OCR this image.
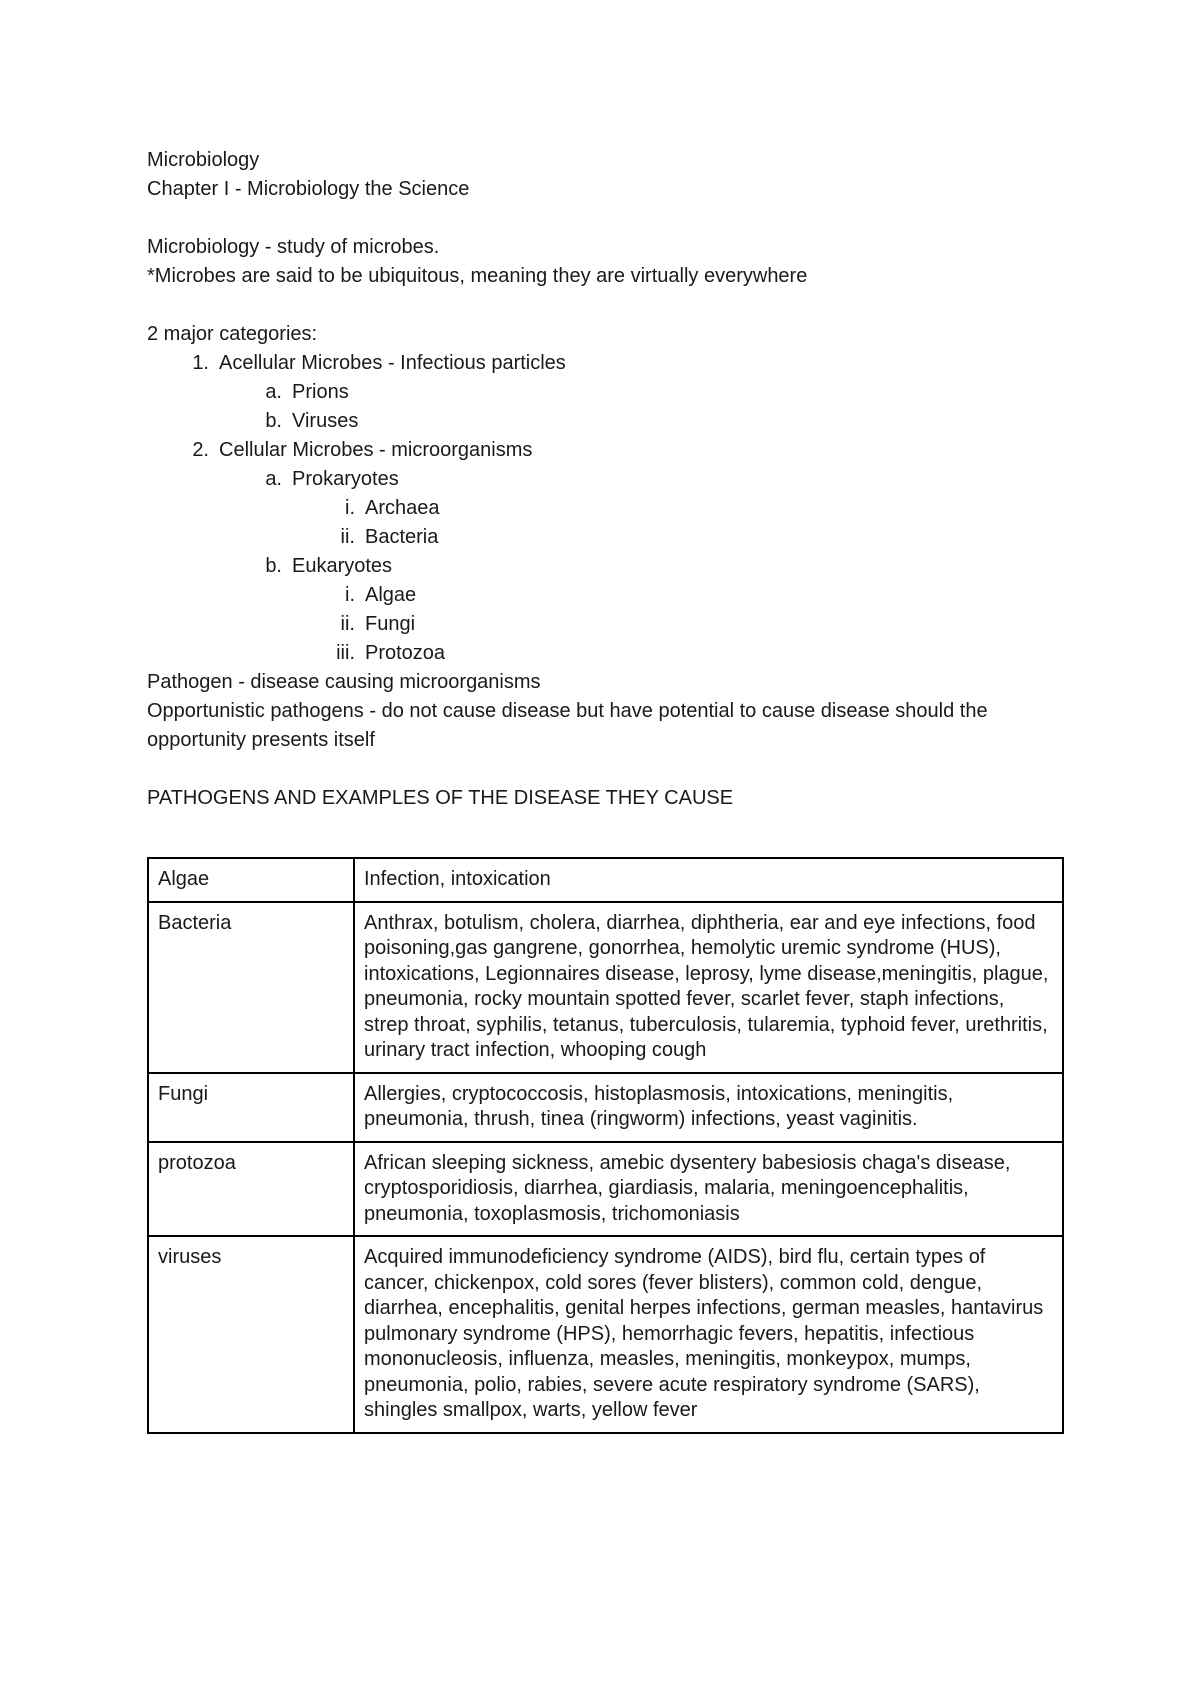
Microbiology
Chapter I - Microbiology the Science
Microbiology - study of microbes.
*Microbes are said to be ubiquitous, meaning they are virtually everywhere
2 major categories:
1. Acellular Microbes - Infectious particles
a. Prions
b. Viruses
2. Cellular Microbes - microorganisms
a. Prokaryotes
i. Archaea
ii. Bacteria
b. Eukaryotes
i. Algae
ii. Fungi
iii. Protozoa
Pathogen - disease causing microorganisms
Opportunistic pathogens - do not cause disease but have potential to cause disease should the opportunity presents itself
PATHOGENS AND EXAMPLES OF THE DISEASE THEY CAUSE
Algae	Infection, intoxication
Bacteria	Anthrax, botulism, cholera, diarrhea, diphtheria, ear and eye infections, food poisoning,gas gangrene, gonorrhea, hemolytic uremic syndrome (HUS), intoxications, Legionnaires disease, leprosy, lyme disease,meningitis, plague, pneumonia, rocky mountain spotted fever, scarlet fever, staph infections, strep throat, syphilis, tetanus, tuberculosis, tularemia, typhoid fever, urethritis, urinary tract infection, whooping cough
Fungi	Allergies, cryptococcosis, histoplasmosis, intoxications, meningitis, pneumonia, thrush, tinea (ringworm) infections, yeast vaginitis.
protozoa	African sleeping sickness, amebic dysentery babesiosis chaga's disease, cryptosporidiosis, diarrhea, giardiasis, malaria, meningoencephalitis, pneumonia, toxoplasmosis, trichomoniasis
viruses	Acquired immunodeficiency syndrome (AIDS), bird flu, certain types of cancer, chickenpox, cold sores (fever blisters), common cold, dengue, diarrhea, encephalitis, genital herpes infections, german measles, hantavirus pulmonary syndrome (HPS), hemorrhagic fevers, hepatitis, infectious mononucleosis, influenza, measles, meningitis, monkeypox, mumps, pneumonia, polio, rabies, severe acute respiratory syndrome (SARS), shingles smallpox, warts, yellow fever
